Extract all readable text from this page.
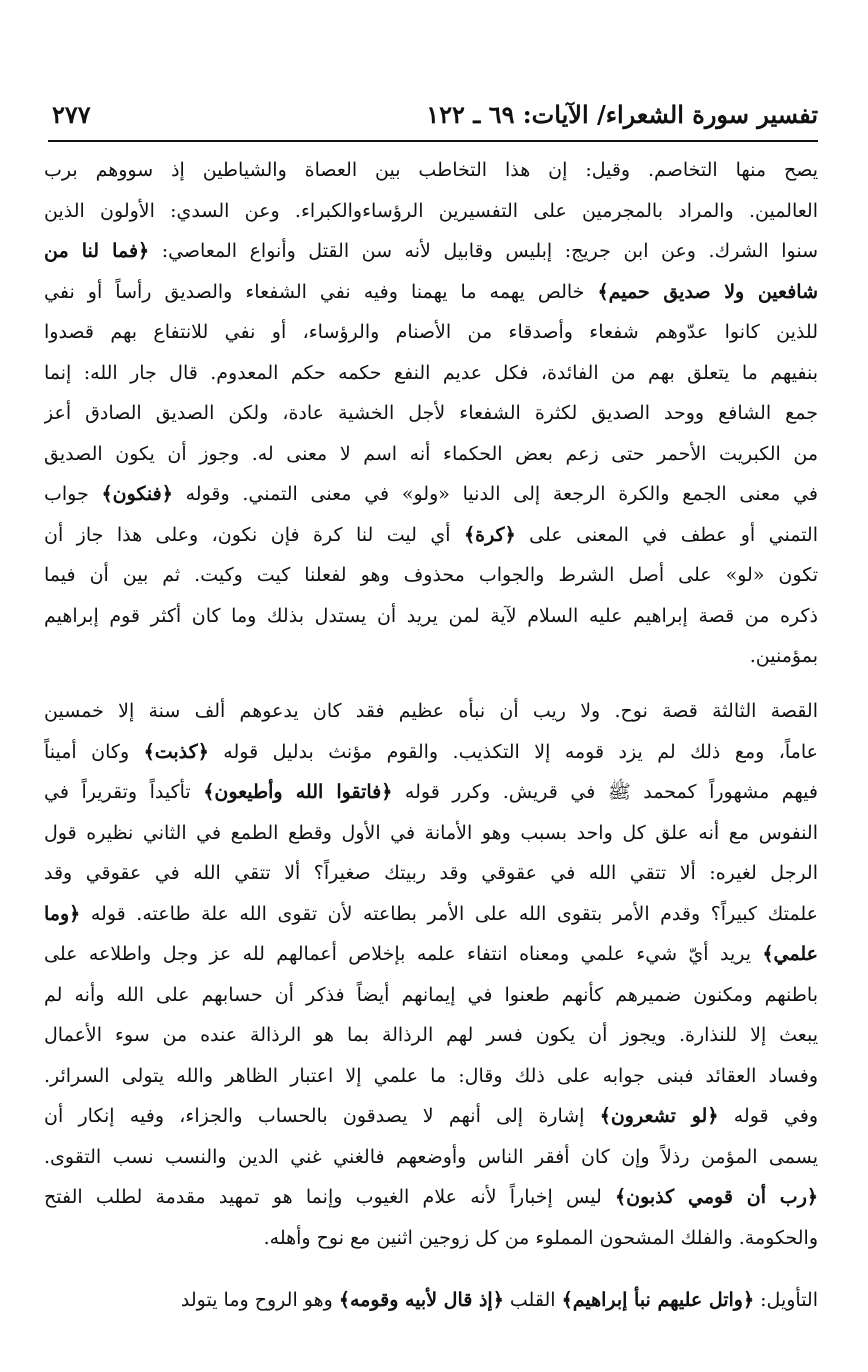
تفسير سورة الشعراء/ الآيات: ٦٩ ـ ١٢٢
٢٧٧
يصح منها التخاصم. وقيل: إن هذا التخاطب بين العصاة والشياطين إذ سووهم برب
العالمين. والمراد بالمجرمين على التفسيرين الرؤساءوالكبراء. وعن السدي: الأولون الذين
سنوا الشرك. وعن ابن جريج: إبليس وقابيل لأنه سن القتل وأنواع المعاصي: ﴿فما لنا من
شافعين ولا صديق حميم﴾ خالص يهمه ما يهمنا وفيه نفي الشفعاء والصديق رأساً أو نفي
للذين كانوا عدّوهم شفعاء وأصدقاء من الأصنام والرؤساء، أو نفي للانتفاع بهم قصدوا
بنفيهم ما يتعلق بهم من الفائدة، فكل عديم النفع حكمه حكم المعدوم. قال جار الله: إنما
جمع الشافع ووحد الصديق لكثرة الشفعاء لأجل الخشية عادة، ولكن الصديق الصادق أعز
من الكبريت الأحمر حتى زعم بعض الحكماء أنه اسم لا معنى له. وجوز أن يكون الصديق
في معنى الجمع والكرة الرجعة إلى الدنيا «ولو» في معنى التمني. وقوله ﴿فنكون﴾ جواب
التمني أو عطف في المعنى على ﴿كرة﴾ أي ليت لنا كرة فإن نكون، وعلى هذا جاز أن
تكون «لو» على أصل الشرط والجواب محذوف وهو لفعلنا كيت وكيت. ثم بين أن فيما
ذكره من قصة إبراهيم عليه السلام لآية لمن يريد أن يستدل بذلك وما كان أكثر قوم إبراهيم
بمؤمنين.
القصة الثالثة قصة نوح. ولا ريب أن نبأه عظيم فقد كان يدعوهم ألف سنة إلا خمسين
عاماً، ومع ذلك لم يزد قومه إلا التكذيب. والقوم مؤنث بدليل قوله ﴿كذبت﴾ وكان أميناً
فيهم مشهوراً كمحمد ﷺ في قريش. وكرر قوله ﴿فاتقوا الله وأطيعون﴾ تأكيداً وتقريراً في
النفوس مع أنه علق كل واحد بسبب وهو الأمانة في الأول وقطع الطمع في الثاني نظيره قول
الرجل لغيره: ألا تتقي الله في عقوقي وقد ربيتك صغيراً؟ ألا تتقي الله في عقوقي وقد
علمتك كبيراً؟ وقدم الأمر بتقوى الله على الأمر بطاعته لأن تقوى الله علة طاعته. قوله ﴿وما
علمي﴾ يريد أيّ شيء علمي ومعناه انتفاء علمه بإخلاص أعمالهم لله عز وجل واطلاعه على
باطنهم ومكنون ضميرهم كأنهم طعنوا في إيمانهم أيضاً فذكر أن حسابهم على الله وأنه لم
يبعث إلا للنذارة. ويجوز أن يكون فسر لهم الرذالة بما هو الرذالة عنده من سوء الأعمال
وفساد العقائد فبنى جوابه على ذلك وقال: ما علمي إلا اعتبار الظاهر والله يتولى السرائر.
وفي قوله ﴿لو تشعرون﴾ إشارة إلى أنهم لا يصدقون بالحساب والجزاء، وفيه إنكار أن
يسمى المؤمن رذلاً وإن كان أفقر الناس وأوضعهم فالغني غني الدين والنسب نسب التقوى.
﴿رب أن قومي كذبون﴾ ليس إخباراً لأنه علام الغيوب وإنما هو تمهيد مقدمة لطلب الفتح
والحكومة. والفلك المشحون المملوء من كل زوجين اثنين مع نوح وأهله.
التأويل: ﴿واتل عليهم نبأ إبراهيم﴾ القلب ﴿إذ قال لأبيه وقومه﴾ وهو الروح وما يتولد
